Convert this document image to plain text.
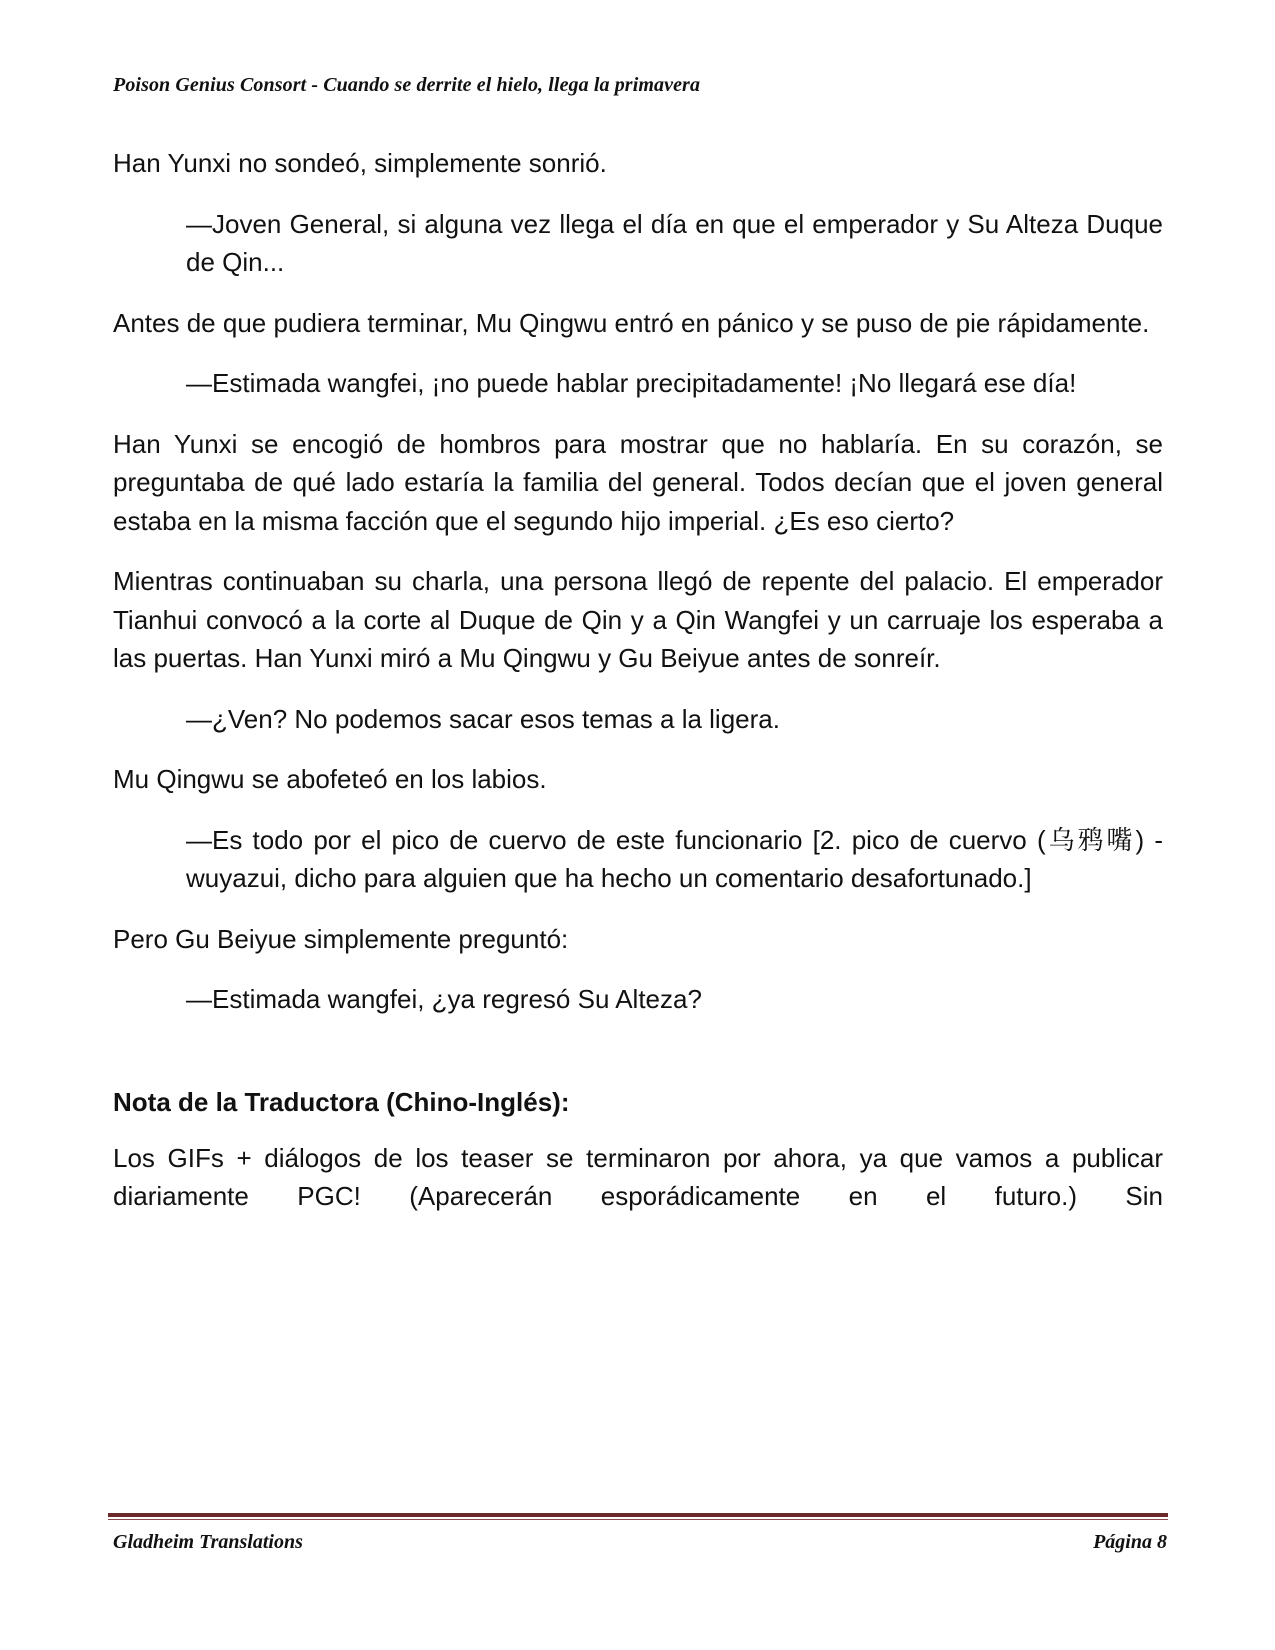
Poison Genius Consort - Cuando se derrite el hielo, llega la primavera

Han Yunxi no sondeó, simplemente sonrió.

—Joven General, si alguna vez llega el día en que el emperador y Su Alteza Duque de Qin...

Antes de que pudiera terminar, Mu Qingwu entró en pánico y se puso de pie rápidamente.

—Estimada wangfei, ¡no puede hablar precipitadamente! ¡No llegará ese día!

Han Yunxi se encogió de hombros para mostrar que no hablaría. En su corazón, se preguntaba de qué lado estaría la familia del general. Todos decían que el joven general estaba en la misma facción que el segundo hijo imperial. ¿Es eso cierto?

Mientras continuaban su charla, una persona llegó de repente del palacio. El emperador Tianhui convocó a la corte al Duque de Qin y a Qin Wangfei y un carruaje los esperaba a las puertas. Han Yunxi miró a Mu Qingwu y Gu Beiyue antes de sonreír.

—¿Ven? No podemos sacar esos temas a la ligera.

Mu Qingwu se abofeteó en los labios.

—Es todo por el pico de cuervo de este funcionario [2. pico de cuervo (乌鸦嘴) - wuyazui, dicho para alguien que ha hecho un comentario desafortunado.]

Pero Gu Beiyue simplemente preguntó:

—Estimada wangfei, ¿ya regresó Su Alteza?

Nota de la Traductora (Chino-Inglés):

Los GIFs + diálogos de los teaser se terminaron por ahora, ya que vamos a publicar diariamente PGC! (Aparecerán esporádicamente en el futuro.) Sin

Gladheim Translations	Página 8
